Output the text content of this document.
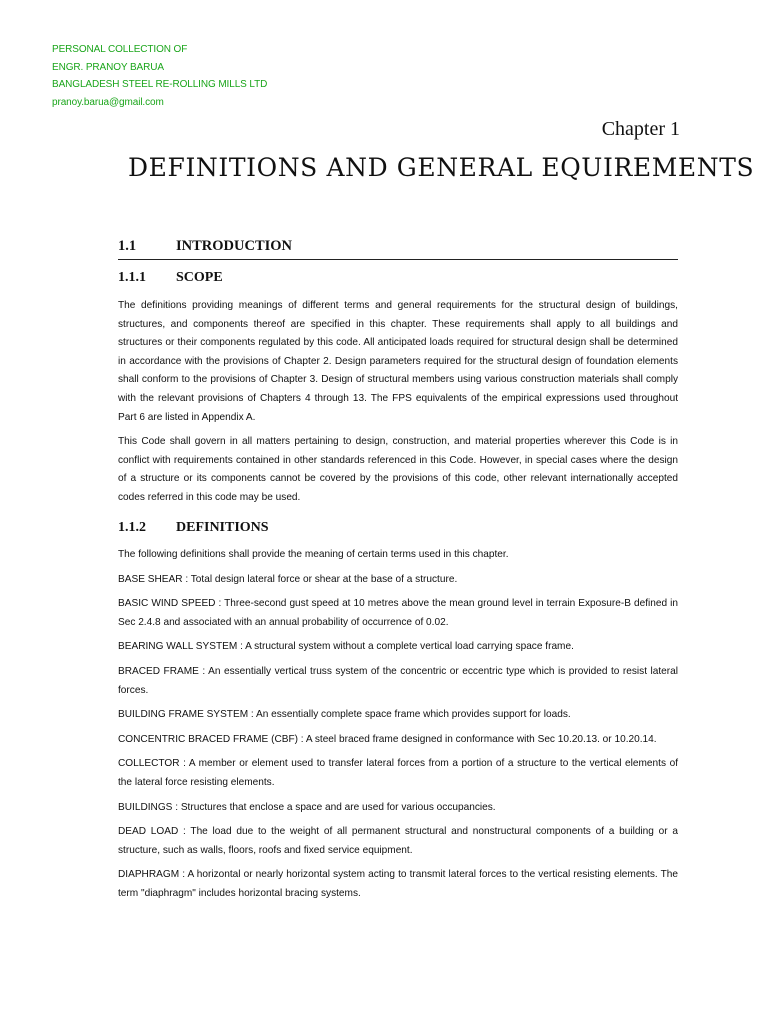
PERSONAL COLLECTION OF
ENGR. PRANOY BARUA
BANGLADESH STEEL RE-ROLLING MILLS LTD
pranoy.barua@gmail.com
Chapter 1
DEFINITIONS AND GENERAL EQUIREMENTS
1.1	INTRODUCTION
1.1.1	SCOPE

The definitions providing meanings of different terms and general requirements for the structural design of buildings, structures, and components thereof are specified in this chapter. These requirements shall apply to all buildings and structures or their components regulated by this code. All anticipated loads required for structural design shall be determined in accordance with the provisions of Chapter 2. Design parameters required for the structural design of foundation elements shall conform to the provisions of Chapter 3. Design of structural members using various construction materials shall comply with the relevant provisions of Chapters 4 through 13. The FPS equivalents of the empirical expressions used throughout Part 6 are listed in Appendix A.

This Code shall govern in all matters pertaining to design, construction, and material properties wherever this Code is in conflict with requirements contained in other standards referenced in this Code. However, in special cases where the design of a structure or its components cannot be covered by the provisions of this code, other relevant internationally accepted codes referred in this code may be used.

1.1.2	DEFINITIONS

The following definitions shall provide the meaning of certain terms used in this chapter.

BASE SHEAR : Total design lateral force or shear at the base of a structure.

BASIC WIND SPEED : Three-second gust speed at 10 metres above the mean ground level in terrain Exposure-B defined in Sec 2.4.8 and associated with an annual probability of occurrence of 0.02.

BEARING WALL SYSTEM : A structural system without a complete vertical load carrying space frame.

BRACED FRAME : An essentially vertical truss system of the concentric or eccentric type which is provided to resist lateral forces.

BUILDING FRAME SYSTEM : An essentially complete space frame which provides support for loads.

CONCENTRIC BRACED FRAME (CBF) : A steel braced frame designed in conformance with Sec 10.20.13. or 10.20.14.

COLLECTOR : A member or element used to transfer lateral forces from a portion of a structure to the vertical elements of the lateral force resisting elements.

BUILDINGS : Structures that enclose a space and are used for various occupancies.

DEAD LOAD : The load due to the weight of all permanent structural and nonstructural components of a building or a structure, such as walls, floors, roofs and fixed service equipment.

DIAPHRAGM : A horizontal or nearly horizontal system acting to transmit lateral forces to the vertical resisting elements. The term "diaphragm" includes horizontal bracing systems.
